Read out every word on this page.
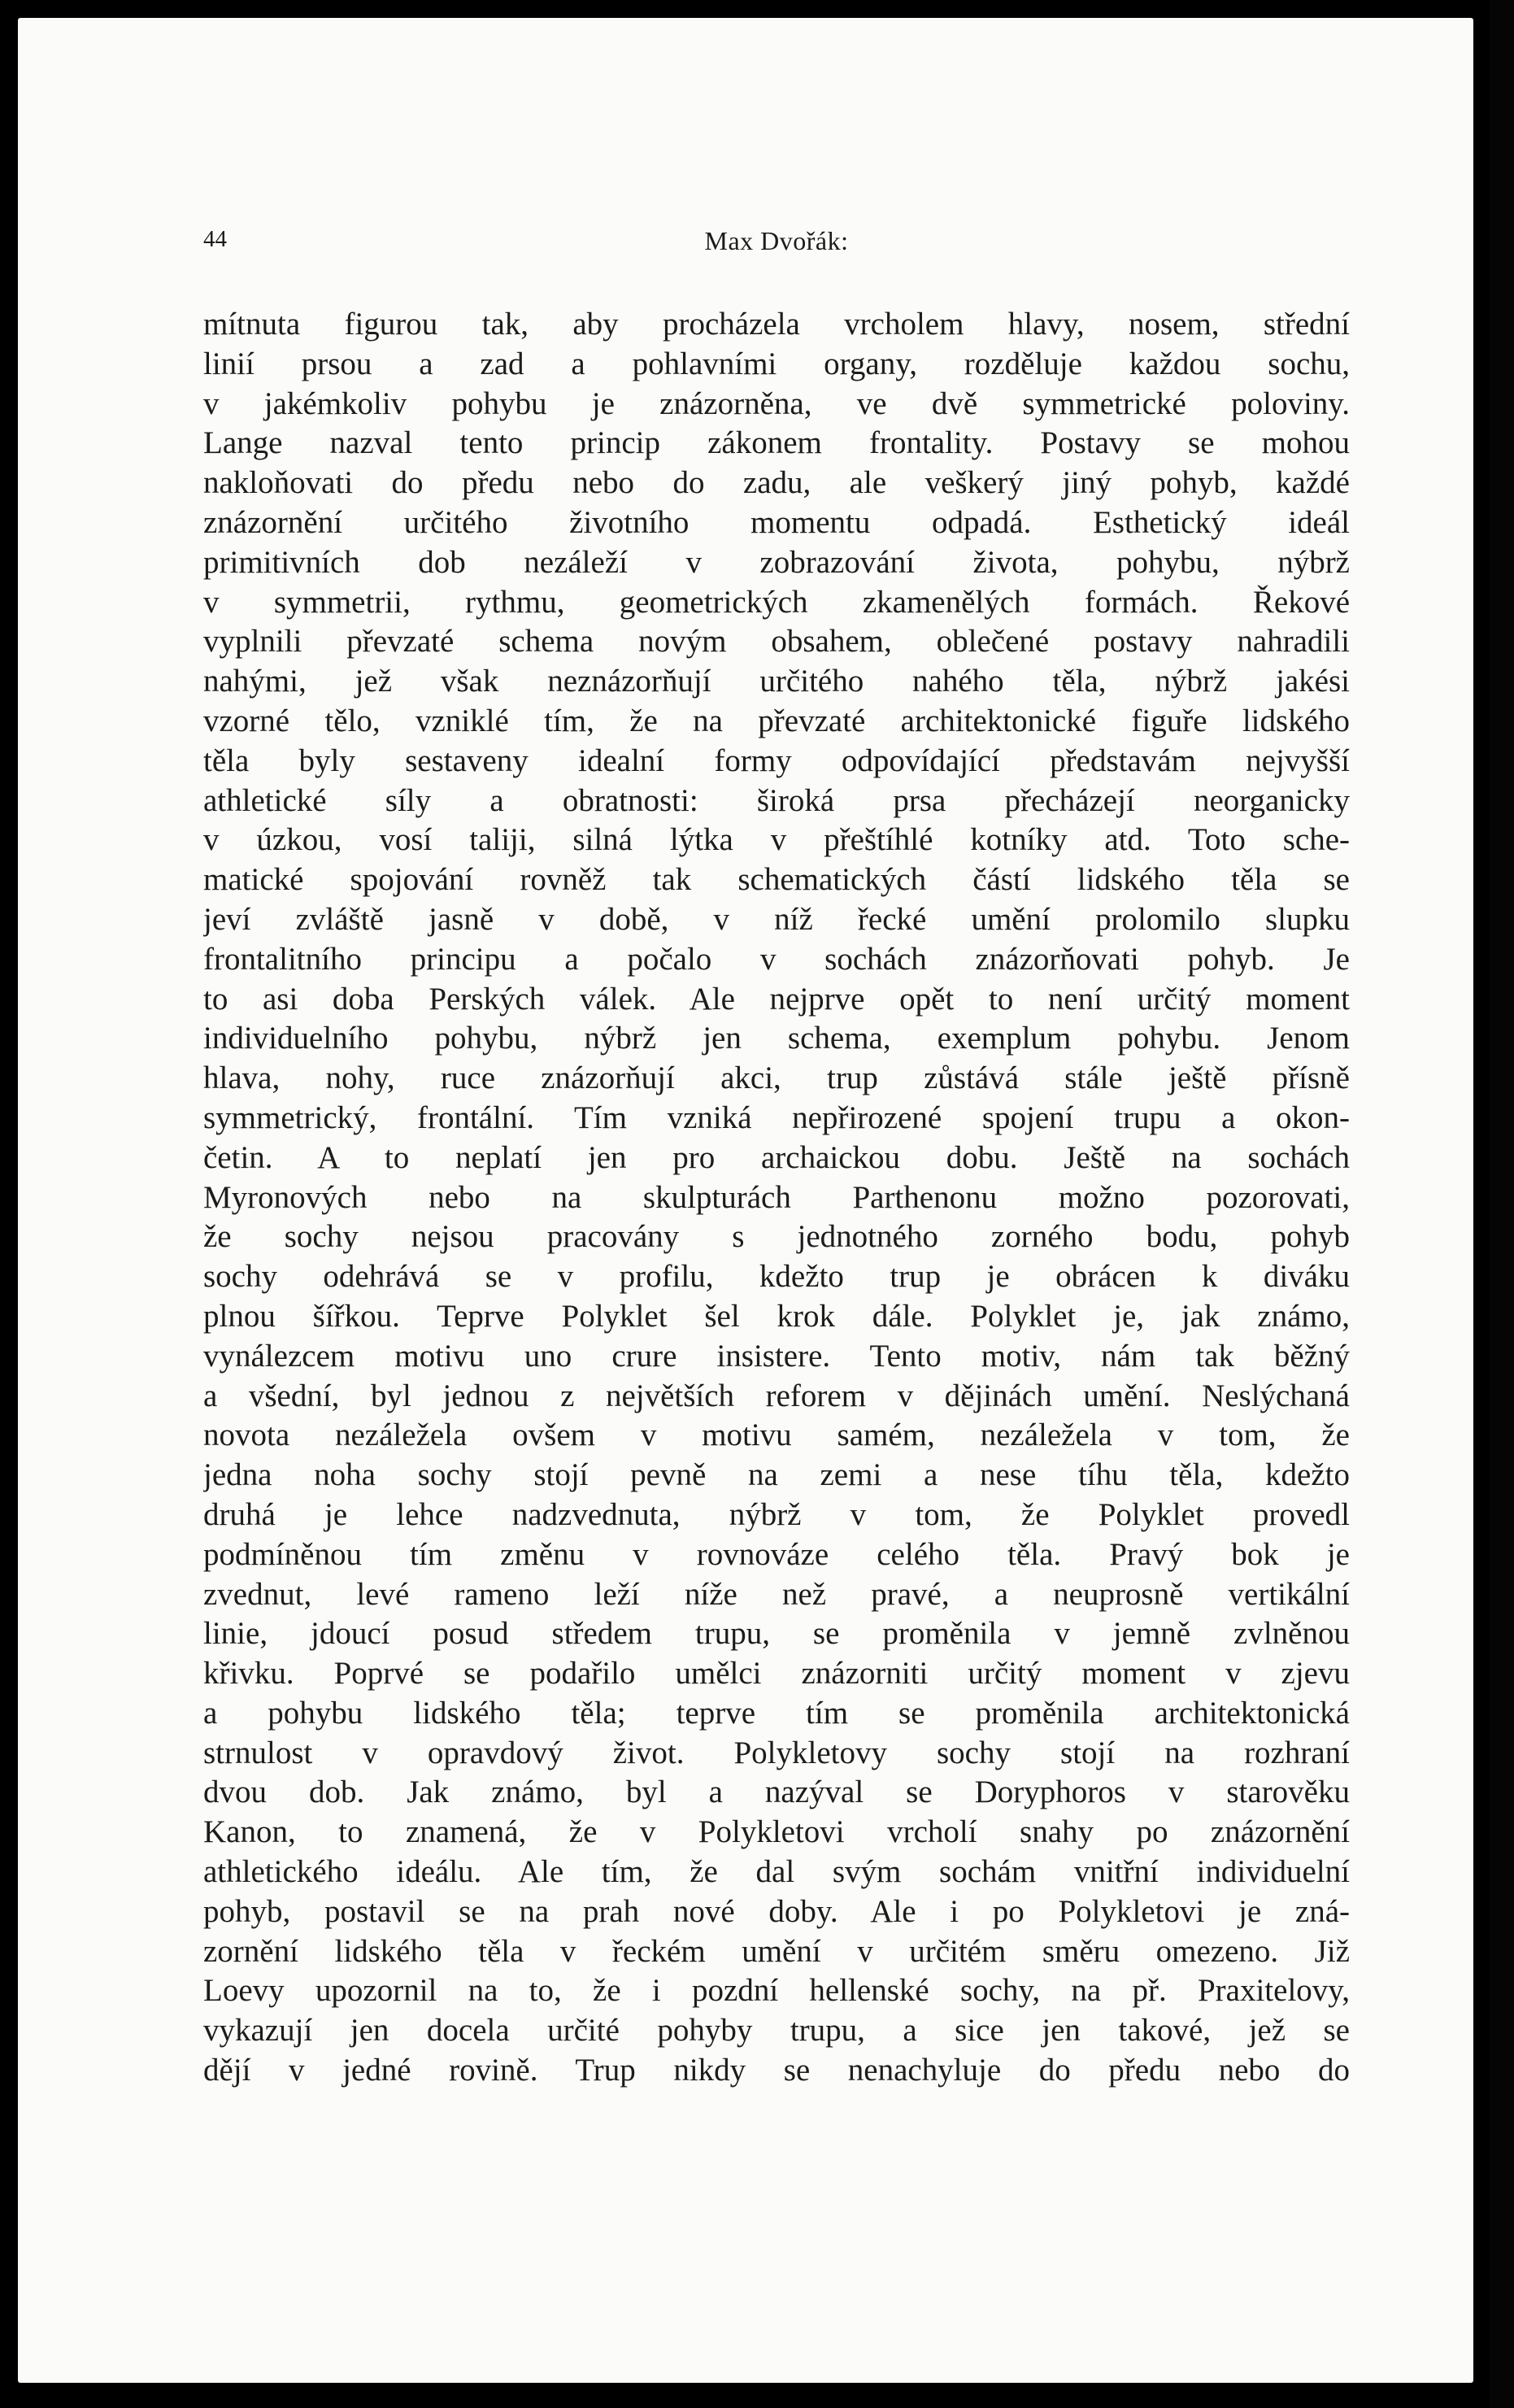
44	Max Dvořák:
mítnuta figurou tak, aby procházela vrcholem hlavy, nosem, střední
linií prsou a zad a pohlavními organy, rozděluje každou sochu,
v jakémkoliv pohybu je znázorněna, ve dvě symmetrické poloviny.
Lange nazval tento princip zákonem frontality. Postavy se mohou
nakloňovati do předu nebo do zadu, ale veškerý jiný pohyb, každé
znázornění určitého životního momentu odpadá. Esthetický ideál
primitivních dob nezáleží v zobrazování života, pohybu, nýbrž
v symmetrii, rythmu, geometrických zkamenělých formách. Řekové
vyplnili převzaté schema novým obsahem, oblečené postavy nahradili
nahými, jež však neznázorňují určitého nahého těla, nýbrž jakési
vzorné tělo, vzniklé tím, že na převzaté architektonické figuře lidského
těla byly sestaveny idealní formy odpovídající představám nejvyšší
athletické síly a obratnosti: široká prsa přecházejí neorganicky
v úzkou, vosí taliji, silná lýtka v přeštíhlé kotníky atd. Toto sche-
matické spojování rovněž tak schematických částí lidského těla se
jeví zvláště jasně v době, v níž řecké umění prolomilo slupku
frontalitního principu a počalo v sochách znázorňovati pohyb. Je
to asi doba Perských válek. Ale nejprve opět to není určitý moment
individuelního pohybu, nýbrž jen schema, exemplum pohybu. Jenom
hlava, nohy, ruce znázorňují akci, trup zůstává stále ještě přísně
symmetrický, frontální. Tím vzniká nepřirozené spojení trupu a okon-
četin. A to neplatí jen pro archaickou dobu. Ještě na sochách
Myronových nebo na skulpturách Parthenonu možno pozorovati,
že sochy nejsou pracovány s jednotného zorného bodu, pohyb
sochy odehrává se v profilu, kdežto trup je obrácen k diváku
plnou šířkou. Teprve Polyklet šel krok dále. Polyklet je, jak známo,
vynálezcem motivu uno crure insistere. Tento motiv, nám tak běžný
a všední, byl jednou z největších reforem v dějinách umění. Neslýchaná
novota nezáležela ovšem v motivu samém, nezáležela v tom, že
jedna noha sochy stojí pevně na zemi a nese tíhu těla, kdežto
druhá je lehce nadzvednuta, nýbrž v tom, že Polyklet provedl
podmíněnou tím změnu v rovnováze celého těla. Pravý bok je
zvednut, levé rameno leží níže než pravé, a neuprosně vertikální
linie, jdoucí posud středem trupu, se proměnila v jemně zvlněnou
křivku. Poprvé se podařilo umělci znázorniti určitý moment v zjevu
a pohybu lidského těla; teprve tím se proměnila architektonická
strnulost v opravdový život. Polykletovy sochy stojí na rozhraní
dvou dob. Jak známo, byl a nazýval se Doryphoros v starověku
Kanon, to znamená, že v Polykletovi vrcholí snahy po znázornění
athletického ideálu. Ale tím, že dal svým sochám vnitřní individuelní
pohyb, postavil se na prah nové doby. Ale i po Polykletovi je zná-
zornění lidského těla v řeckém umění v určitém směru omezeno. Již
Loevy upozornil na to, že i pozdní hellenské sochy, na př. Praxitelovy,
vykazují jen docela určité pohyby trupu, a sice jen takové, jež se
dějí v jedné rovině. Trup nikdy se nenachyluje do předu nebo do
